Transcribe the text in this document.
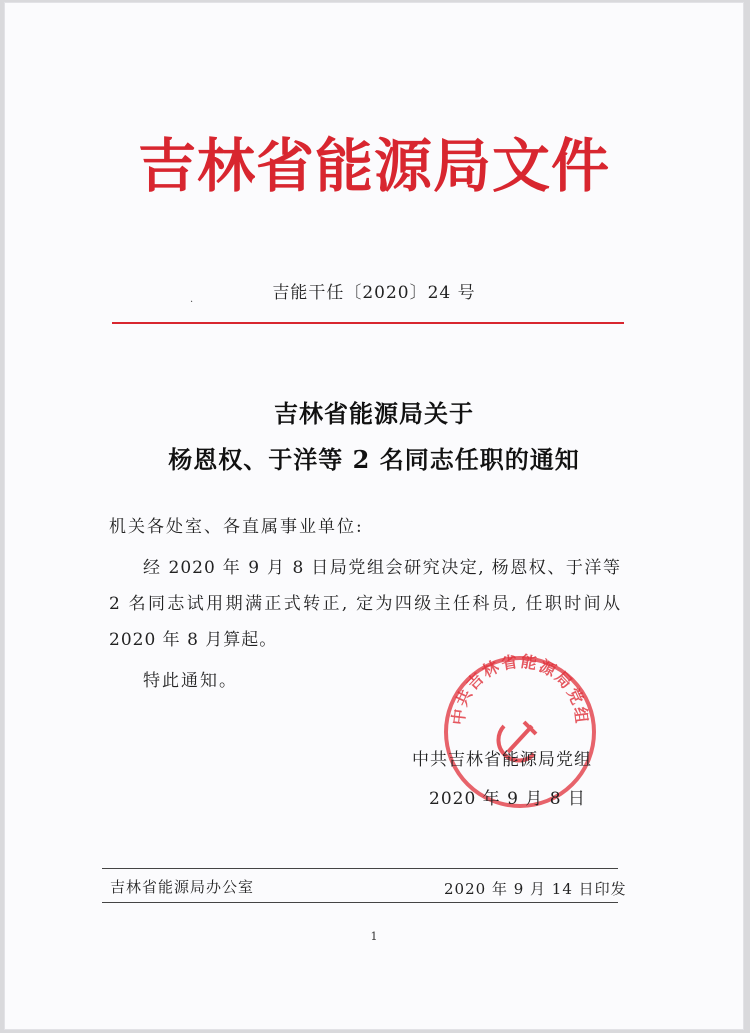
吉林省能源局文件
·	吉能干任〔2020〕24 号
吉林省能源局关于
杨恩权、于洋等 2 名同志任职的通知
机关各处室、各直属事业单位:
经 2020 年 9 月 8 日局党组会研究决定, 杨恩权、于洋等 2 名同志试用期满正式转正, 定为四级主任科员, 任职时间从 2020 年 8 月算起。
特此通知。
中共吉林省能源局党组
中共吉林省能源局党组
2020 年 9 月 8 日
吉林省能源局办公室	2020 年 9 月 14 日印发
1
